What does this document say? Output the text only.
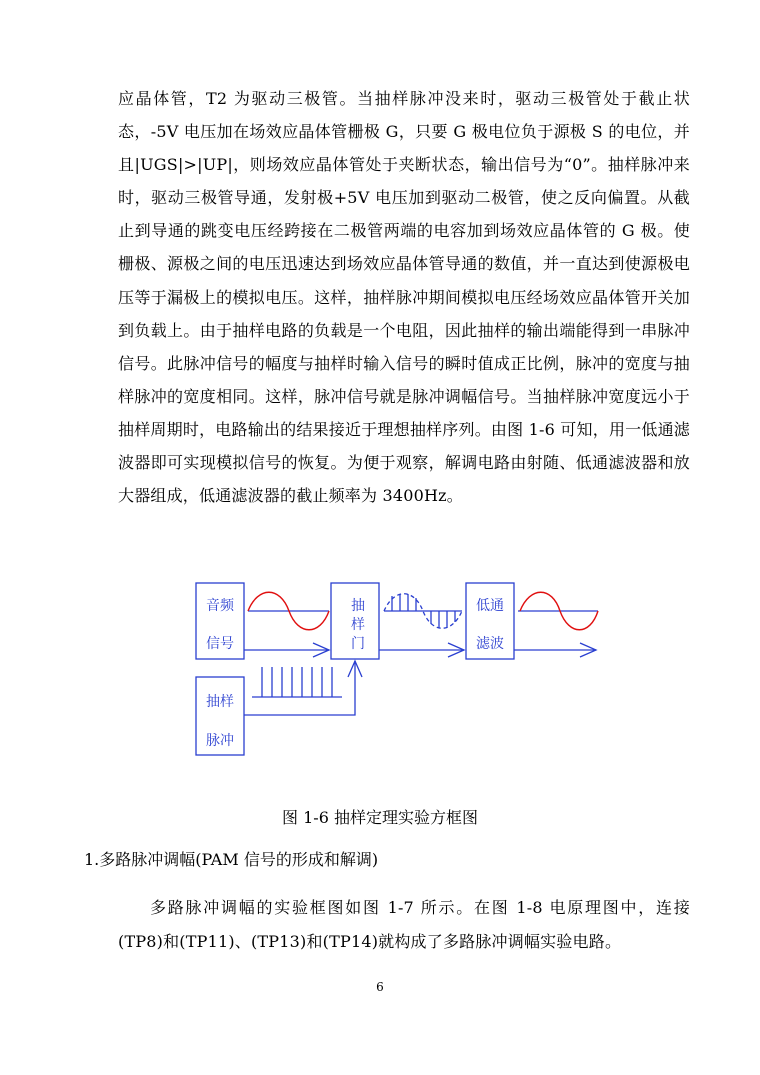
应晶体管，T2 为驱动三极管。当抽样脉冲没来时，驱动三极管处于截止状态，-5V 电压加在场效应晶体管栅极 G，只要 G 极电位负于源极 S 的电位，并且|UGS|>|UP|，则场效应晶体管处于夹断状态，输出信号为“0”。抽样脉冲来时，驱动三极管导通，发射极+5V 电压加到驱动二极管，使之反向偏置。从截止到导通的跳变电压经跨接在二极管两端的电容加到场效应晶体管的 G 极。使栅极、源极之间的电压迅速达到场效应晶体管导通的数值，并一直达到使源极电压等于漏极上的模拟电压。这样，抽样脉冲期间模拟电压经场效应晶体管开关加到负载上。由于抽样电路的负载是一个电阻，因此抽样的输出端能得到一串脉冲信号。此脉冲信号的幅度与抽样时输入信号的瞬时值成正比例，脉冲的宽度与抽样脉冲的宽度相同。这样，脉冲信号就是脉冲调幅信号。当抽样脉冲宽度远小于抽样周期时，电路输出的结果接近于理想抽样序列。由图 1-6 可知，用一低通滤波器即可实现模拟信号的恢复。为便于观察，解调电路由射随、低通滤波器和放大器组成，低通滤波器的截止频率为 3400Hz。

音频
信号
抽
样
门
低通
滤波
抽样
脉冲

图 1-6 抽样定理实验方框图

1.多路脉冲调幅(PAM 信号的形成和解调)

多路脉冲调幅的实验框图如图 1-7 所示。在图 1-8 电原理图中，连接(TP8)和(TP11)、(TP13)和(TP14)就构成了多路脉冲调幅实验电路。

6
